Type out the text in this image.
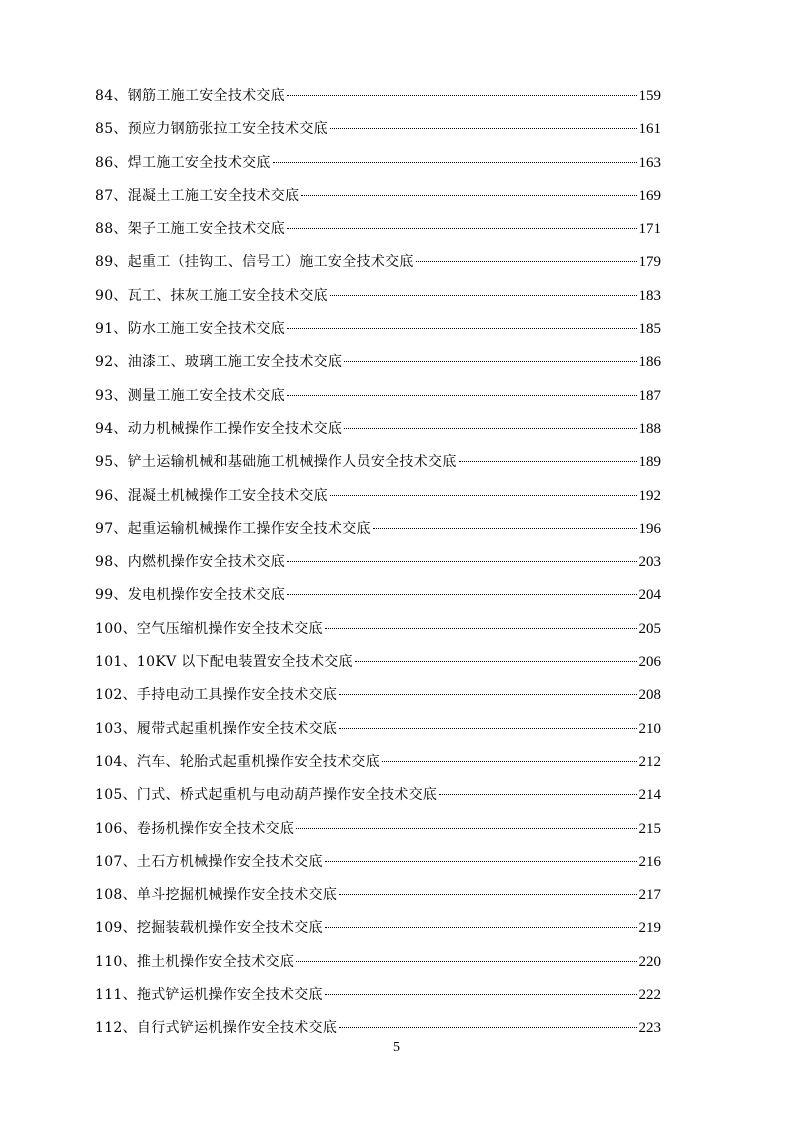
84、钢筋工施工安全技术交底	159
85、预应力钢筋张拉工安全技术交底	161
86、焊工施工安全技术交底	163
87、混凝土工施工安全技术交底	169
88、架子工施工安全技术交底	171
89、起重工（挂钩工、信号工）施工安全技术交底	179
90、瓦工、抹灰工施工安全技术交底	183
91、防水工施工安全技术交底	185
92、油漆工、玻璃工施工安全技术交底	186
93、测量工施工安全技术交底	187
94、动力机械操作工操作安全技术交底	188
95、铲土运输机械和基础施工机械操作人员安全技术交底	189
96、混凝土机械操作工安全技术交底	192
97、起重运输机械操作工操作安全技术交底	196
98、内燃机操作安全技术交底	203
99、发电机操作安全技术交底	204
100、空气压缩机操作安全技术交底	205
101、10KV 以下配电装置安全技术交底	206
102、手持电动工具操作安全技术交底	208
103、履带式起重机操作安全技术交底	210
104、汽车、轮胎式起重机操作安全技术交底	212
105、门式、桥式起重机与电动葫芦操作安全技术交底	214
106、卷扬机操作安全技术交底	215
107、土石方机械操作安全技术交底	216
108、单斗挖掘机械操作安全技术交底	217
109、挖掘装载机操作安全技术交底	219
110、推土机操作安全技术交底	220
111、拖式铲运机操作安全技术交底	222
112、自行式铲运机操作安全技术交底	223
5
